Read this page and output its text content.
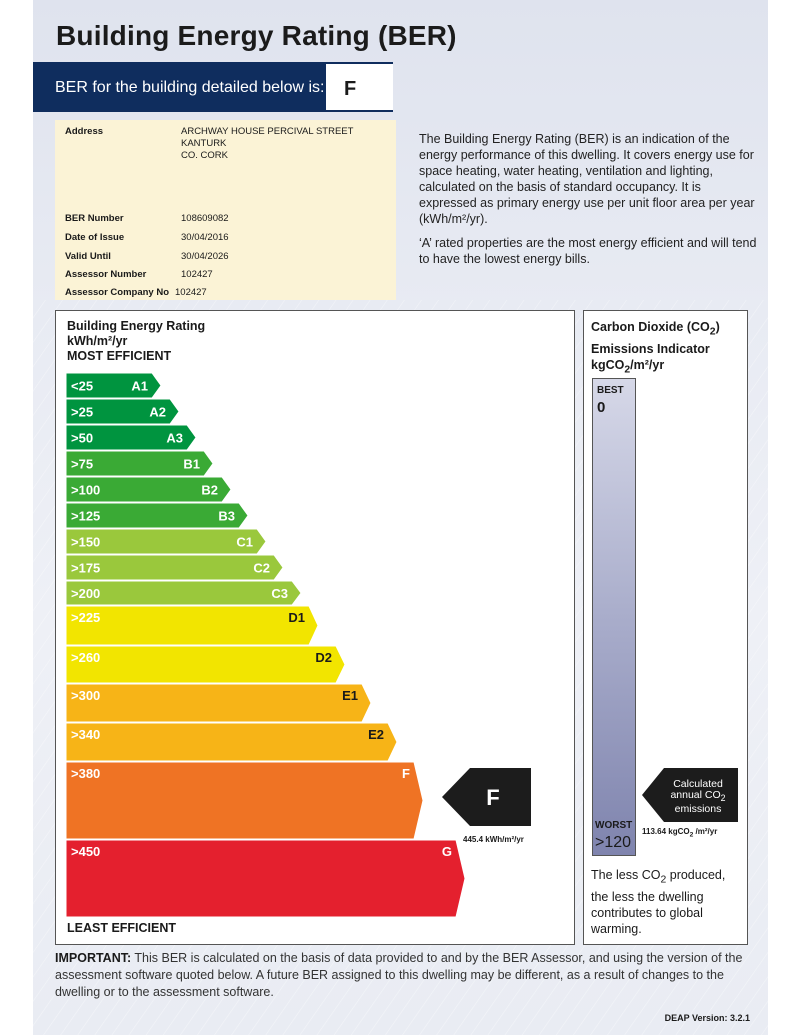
Building Energy Rating (BER)
BER for the building detailed below is: F
Address	ARCHWAY HOUSE PERCIVAL STREET
KANTURK
CO. CORK
BER Number	108609082
Date of Issue	30/04/2016
Valid Until	30/04/2026
Assessor Number	102427
Assessor Company No 102427

The Building Energy Rating (BER) is an indication of the energy performance of this dwelling. It covers energy use for space heating, water heating, ventilation and lighting, calculated on the basis of standard occupancy. It is expressed as primary energy use per unit floor area per year (kWh/m²/yr).

‘A’ rated properties are the most energy efficient and will tend to have the lowest energy bills.

Building Energy Rating
kWh/m²/yr
MOST EFFICIENT
<25	A1
>25	A2
>50	A3
>75	B1
>100	B2
>125	B3
>150	C1
>175	C2
>200	C3
>225	D1
>260	D2
>300	E1
>340	E2
>380	F
>450	G
F
445.4 kWh/m²/yr
LEAST EFFICIENT
Carbon Dioxide $(CO_2)$
Emissions Indicator
kgCO$_2$/m²/yr
BEST
0
WORST
>120
Calculated
annual $CO_2$
emissions
113.64 kgCO$_2$ /m²/yr
The less $CO_2$ produced, the less the dwelling contributes to global warming.
IMPORTANT: This BER is calculated on the basis of data provided to and by the BER Assessor, and using the version of the assessment software quoted below. A future BER assigned to this dwelling may be different, as a result of changes to the dwelling or to the assessment software.
DEAP Version: 3.2.1
